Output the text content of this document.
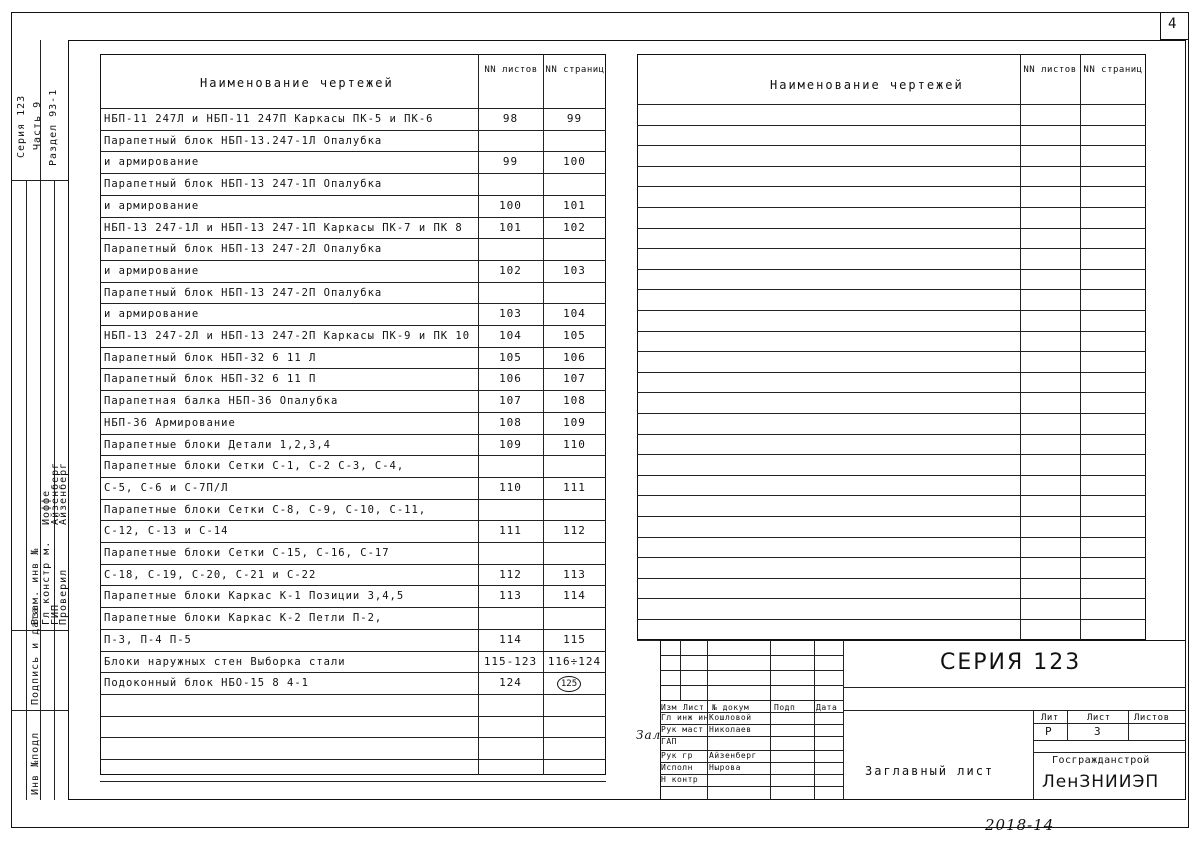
4
Серия 123 Часть 9 Раздел 93-1
Инв №подл
Подпись и дата
Взам. инв № Гл констр м.
ГИП
Проверил
Иоффе
Айзенберг
Айзенберг
Наименование чертежей
NN листов NN страниц
НБП-11 247Л и НБП-11 247П Каркасы ПК-5 и ПК-6	98	99
Парапетный блок НБП-13.247-1Л Опалубка
и армирование	99	100
Парапетный блок НБП-13 247-1П Опалубка
и армирование	100	101
НБП-13 247-1Л и НБП-13 247-1П Каркасы ПК-7 и ПК 8	101	102
Парапетный блок НБП-13 247-2Л Опалубка
и армирование	102	103
Парапетный блок НБП-13 247-2П Опалубка
и армирование	103	104
НБП-13 247-2Л и НБП-13 247-2П Каркасы ПК-9 и ПК 10	104	105
Парапетный блок НБП-32 6 11 Л	105	106
Парапетный блок НБП-32 6 11 П	106	107
Парапетная балка НБП-36 Опалубка	107	108
НБП-36 Армирование	108	109
Парапетные блоки Детали 1,2,3,4	109	110
Парапетные блоки Сетки С-1, С-2 С-3, С-4,
С-5, С-6 и С-7П/Л	110	111
Парапетные блоки Сетки С-8, С-9, С-10, С-11,
С-12, С-13 и С-14	111	112
Парапетные блоки Сетки С-15, С-16, С-17
С-18, С-19, С-20, С-21 и С-22	112	113
Парапетные блоки Каркас К-1 Позиции 3,4,5	113	114
Парапетные блоки Каркас К-2 Петли П-2,
П-3, П-4 П-5	114	115
Блоки наружных стен Выборка стали	115-123 116÷124
Подоконный блок НБО-15 8 4-1	124	125
Наименование чертежей
NN листов NN страниц
СЕРИЯ 123
Изм Лист № докум	Подп	Дата
Гл инж ин Кошловой
Рук маст Николаев
ГАП
Рук гр Айзенберг
Исполн Нырова
Н контр
Зал
Заглавный лист
Лит	Лист	Листов
Р	3
Госгражданстрой
ЛенЗНИИЭП
2018-14
